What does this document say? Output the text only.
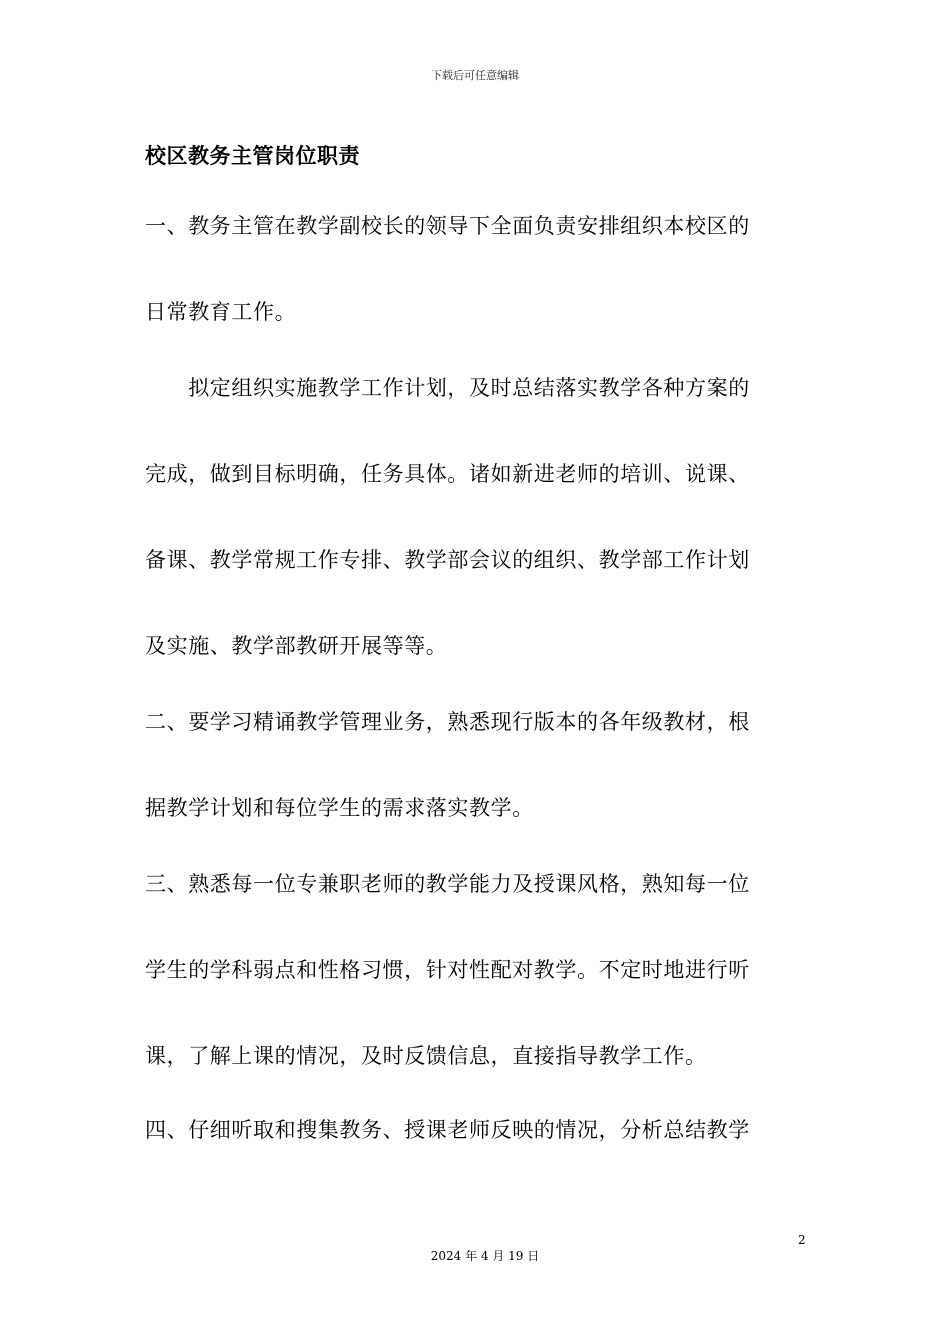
下载后可任意编辑
校区教务主管岗位职责
一、教务主管在教学副校长的领导下全面负责安排组织本校区的
日常教育工作。
　　拟定组织实施教学工作计划，及时总结落实教学各种方案的
完成，做到目标明确，任务具体。诸如新进老师的培训、说课、
备课、教学常规工作专排、教学部会议的组织、教学部工作计划
及实施、教学部教研开展等等。
二、要学习精诵教学管理业务，熟悉现行版本的各年级教材，根
据教学计划和每位学生的需求落实教学。
三、熟悉每一位专兼职老师的教学能力及授课风格，熟知每一位
学生的学科弱点和性格习惯，针对性配对教学。不定时地进行听
课，了解上课的情况，及时反馈信息，直接指导教学工作。
四、仔细听取和搜集教务、授课老师反映的情况，分析总结教学
2
2024 年 4 月 19 日
